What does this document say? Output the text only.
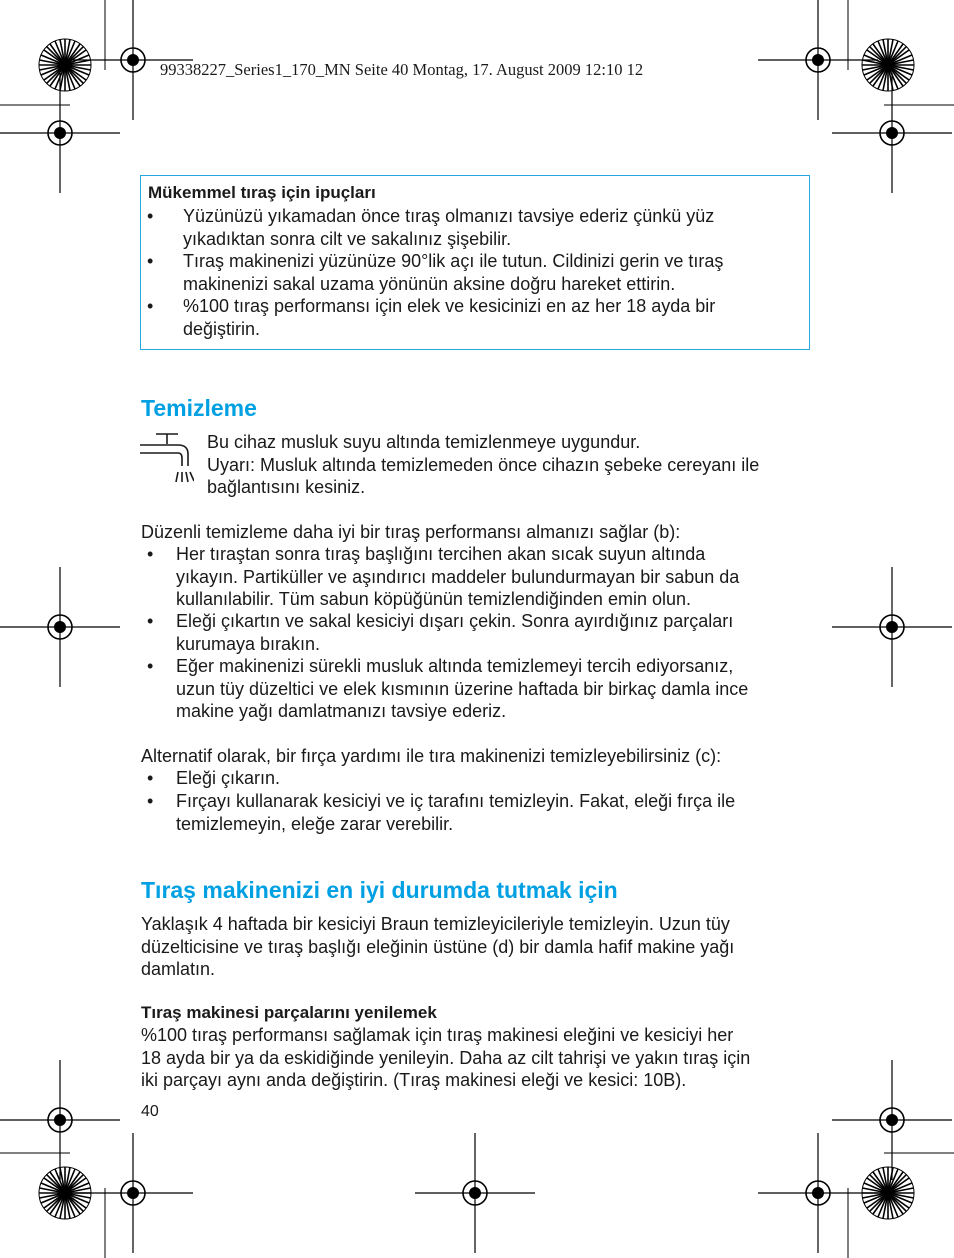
99338227_Series1_170_MN Seite 40 Montag, 17. August 2009 12:10 12
Mükemmel tıraş için ipuçları
• Yüzünüzü yıkamadan önce tıraş olmanızı tavsiye ederiz çünkü yüz
yıkadıktan sonra cilt ve sakalınız şişebilir.
• Tıraş makinenizi yüzünüze 90°lik açı ile tutun. Cildinizi gerin ve tıraş
makinenizi sakal uzama yönünün aksine doğru hareket ettirin.
• %100 tıraş performansı için elek ve kesicinizi en az her 18 ayda bir
değiştirin.
Temizleme
Bu cihaz musluk suyu altında temizlenmeye uygundur.
Uyarı: Musluk altında temizlemeden önce cihazın şebeke cereyanı ile
bağlantısını kesiniz.
Düzenli temizleme daha iyi bir tıraş performansı almanızı sağlar (b):
• Her tıraştan sonra tıraş başlığını tercihen akan sıcak suyun altında
yıkayın. Partiküller ve aşındırıcı maddeler bulundurmayan bir sabun da
kullanılabilir. Tüm sabun köpüğünün temizlendiğinden emin olun.
• Eleği çıkartın ve sakal kesiciyi dışarı çekin. Sonra ayırdığınız parçaları
kurumaya bırakın.
• Eğer makinenizi sürekli musluk altında temizlemeyi tercih ediyorsanız,
uzun tüy düzeltici ve elek kısmının üzerine haftada bir birkaç damla ince
makine yağı damlatmanızı tavsiye ederiz.
Alternatif olarak, bir fırça yardımı ile tıra makinenizi temizleyebilirsiniz (c):
• Eleği çıkarın.
• Fırçayı kullanarak kesiciyi ve iç tarafını temizleyin. Fakat, eleği fırça ile
temizlemeyin, eleğe zarar verebilir.
Tıraş makinenizi en iyi durumda tutmak için
Yaklaşık 4 haftada bir kesiciyi Braun temizleyicileriyle temizleyin. Uzun tüy
düzelticisine ve tıraş başlığı eleğinin üstüne (d) bir damla hafif makine yağı
damlatın.
Tıraş makinesi parçalarını yenilemek
%100 tıraş performansı sağlamak için tıraş makinesi eleğini ve kesiciyi her
18 ayda bir ya da eskidiğinde yenileyin. Daha az cilt tahrişi ve yakın tıraş için
iki parçayı aynı anda değiştirin. (Tıraş makinesi eleği ve kesici: 10B).
40
